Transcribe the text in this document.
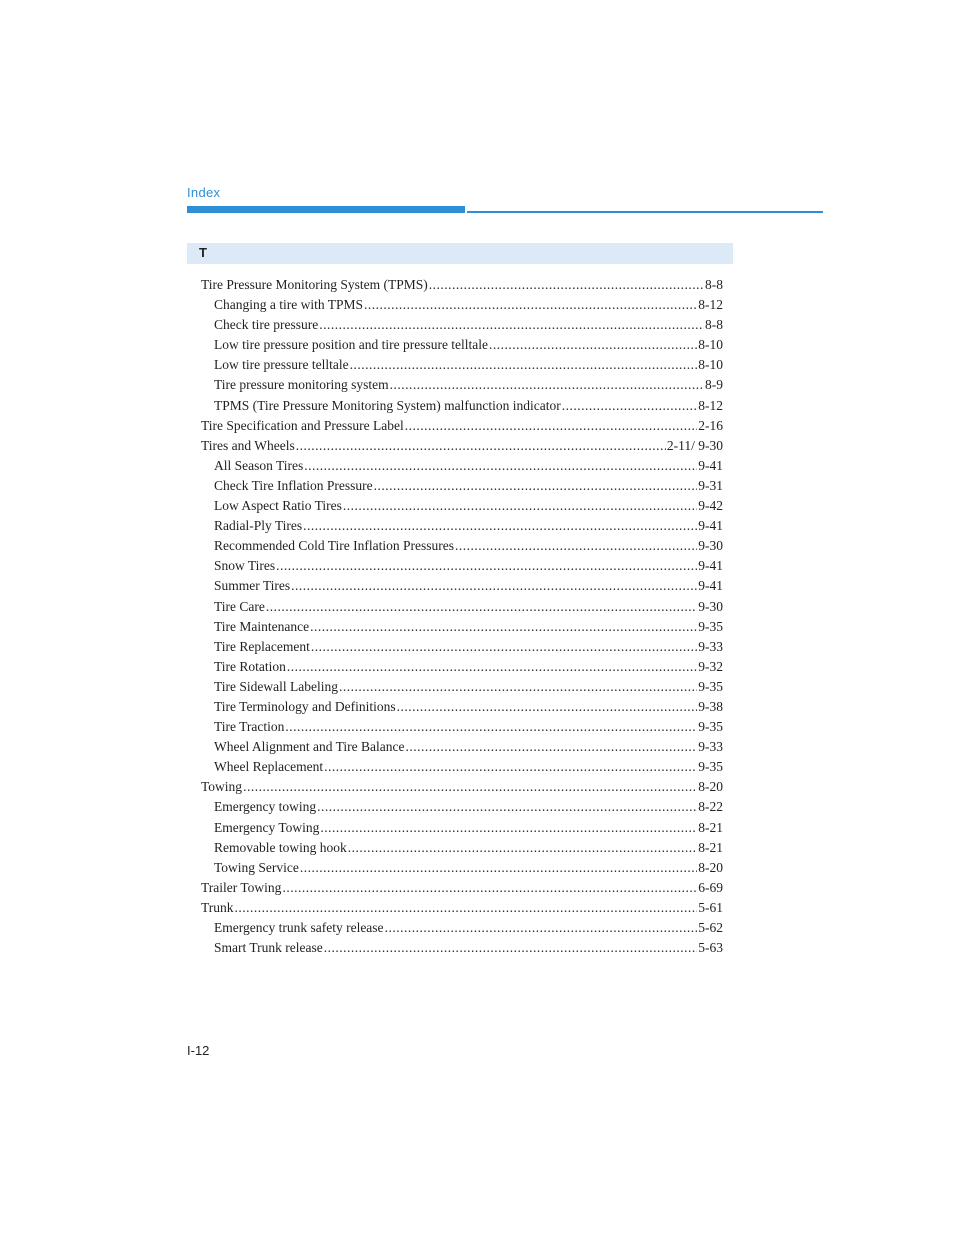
Index
T
Tire Pressure Monitoring System (TPMS) .....	8-8
Changing a tire with TPMS .....	8-12
Check tire pressure .....	8-8
Low tire pressure position and tire pressure telltale .....	8-10
Low tire pressure telltale .....	8-10
Tire pressure monitoring system .....	8-9
TPMS (Tire Pressure Monitoring System) malfunction indicator .....	8-12
Tire Specification and Pressure Label .....	2-16
Tires and Wheels .....	2-11/ 9-30
All Season Tires .....	9-41
Check Tire Inflation Pressure .....	9-31
Low Aspect Ratio Tires .....	9-42
Radial-Ply Tires .....	9-41
Recommended Cold Tire Inflation Pressures .....	9-30
Snow Tires .....	9-41
Summer Tires .....	9-41
Tire Care .....	9-30
Tire Maintenance .....	9-35
Tire Replacement .....	9-33
Tire Rotation .....	9-32
Tire Sidewall Labeling .....	9-35
Tire Terminology and Definitions .....	9-38
Tire Traction .....	9-35
Wheel Alignment and Tire Balance .....	9-33
Wheel Replacement .....	9-35
Towing .....	8-20
Emergency towing .....	8-22
Emergency Towing .....	8-21
Removable towing hook .....	8-21
Towing Service .....	8-20
Trailer Towing .....	6-69
Trunk .....	5-61
Emergency trunk safety release .....	5-62
Smart Trunk release .....	5-63
I-12
